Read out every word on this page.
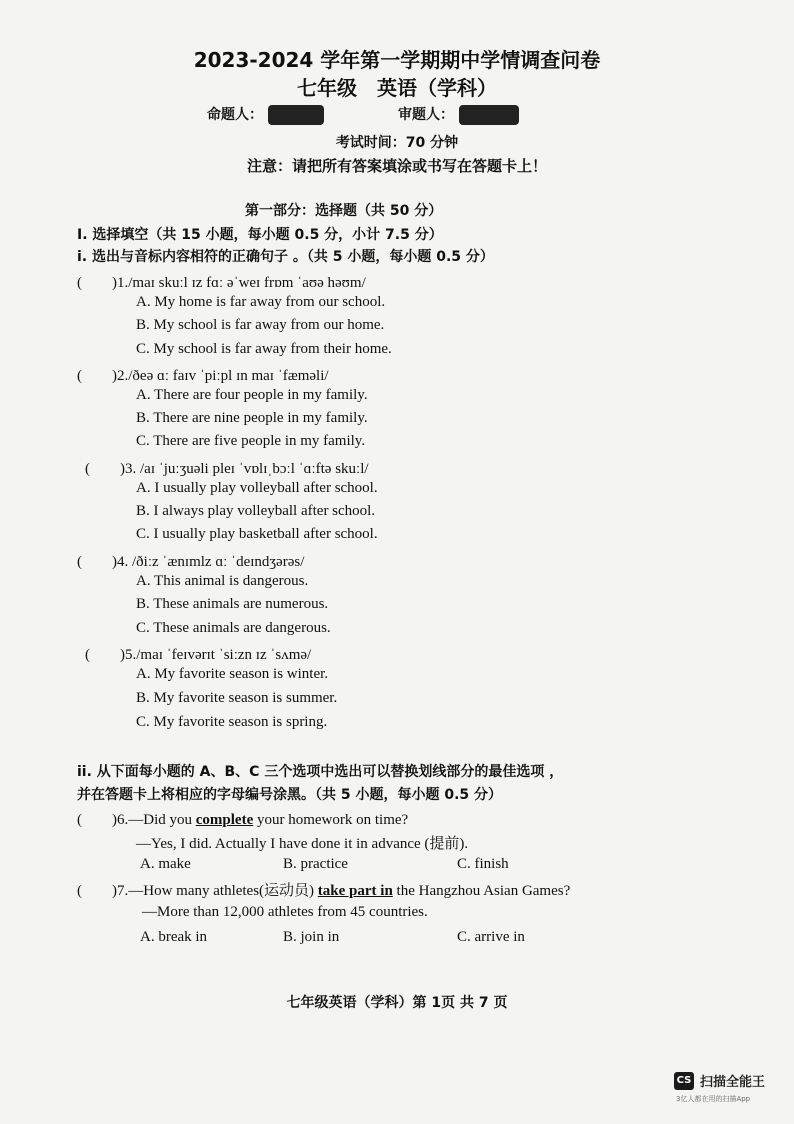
2023-2024 学年第一学期期中学情调查问卷
七年级　英语（学科）
命题人：	审题人：
考试时间：70 分钟
注意：请把所有答案填涂或书写在答题卡上！
第一部分：选择题（共 50 分）
I. 选择填空（共 15 小题，每小题 0.5 分，小计 7.5 分）
i. 选出与音标内容相符的正确句子 。（共 5 小题，每小题 0.5 分）
(　　)1./maɪ skuːl ɪz fɑː əˈweɪ frɒm ˈaʊə həʊm/
A. My home is far away from our school.
B. My school is far away from our home.
C. My school is far away from their home.
(　　)2./ðeə ɑː faɪv ˈpiːpl ɪn maɪ ˈfæməli/
A. There are four people in my family.
B. There are nine people in my family.
C. There are five people in my family.
(　　)3. /aɪ ˈjuːʒuəli pleɪ ˈvɒlɪˌbɔːl ˈɑːftə skuːl/
A. I usually play volleyball after school.
B. I always play volleyball after school.
C. I usually play basketball after school.
(　　)4. /ðiːz ˈænɪmlz ɑː ˈdeɪndʒərəs/
A. This animal is dangerous.
B. These animals are numerous.
C. These animals are dangerous.
(　　)5./maɪ ˈfeɪvərɪt ˈsiːzn ɪz ˈsʌmə/
A. My favorite season is winter.
B. My favorite season is summer.
C. My favorite season is spring.
ii. 从下面每小题的 A、B、C 三个选项中选出可以替换划线部分的最佳选项 ，
并在答题卡上将相应的字母编号涂黑。（共 5 小题，每小题 0.5 分）
(　　)6.—Did you complete your homework on time?
—Yes, I did. Actually I have done it in advance (提前).
A. make	B. practice	C. finish
(　　)7.—How many athletes(运动员) take part in the Hangzhou Asian Games?
—More than 12,000 athletes from 45 countries.
A. break in	B. join in	C. arrive in
七年级英语（学科）第 1页 共 7 页
CS 扫描全能王
3亿人都在用的扫描App
